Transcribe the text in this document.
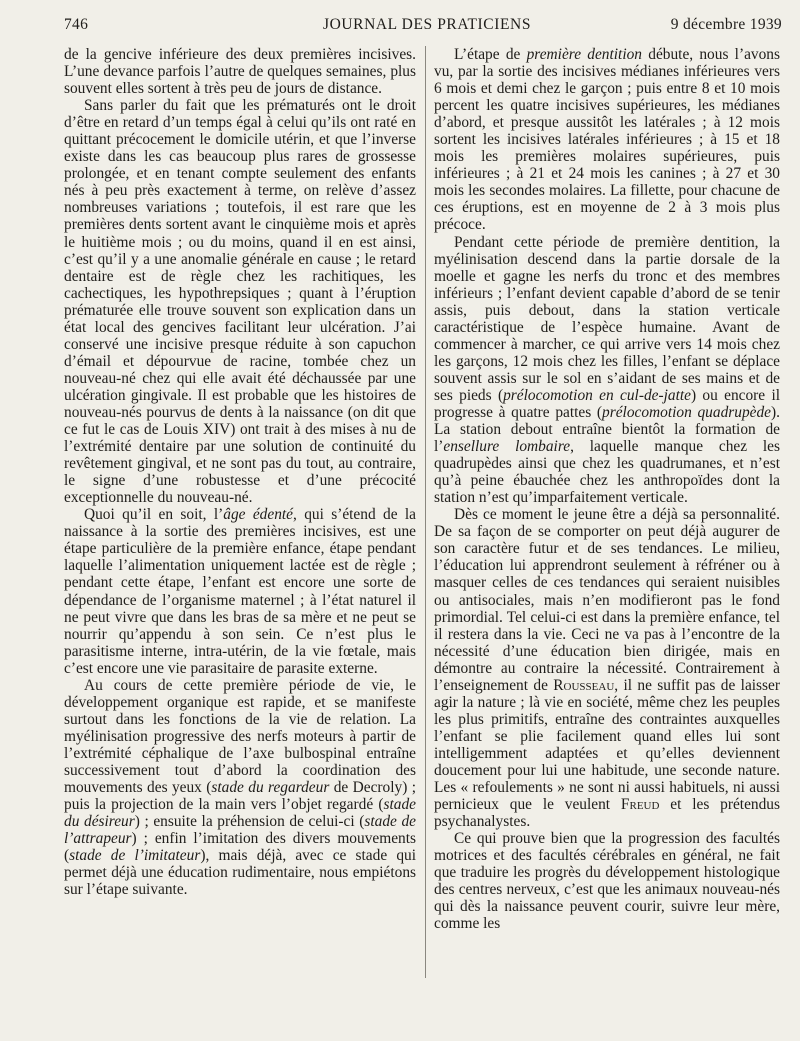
746	JOURNAL DES PRATICIENS	9 décembre 1939

de la gencive inférieure des deux premières incisives. L’une devance parfois l’autre de quelques semaines, plus souvent elles sortent à très peu de jours de distance.

Sans parler du fait que les prématurés ont le droit d’être en retard d’un temps égal à celui qu’ils ont raté en quittant précocement le domicile utérin, et que l’inverse existe dans les cas beaucoup plus rares de grossesse prolongée, et en tenant compte seulement des enfants nés à peu près exactement à terme, on relève d’assez nombreuses variations ; toutefois, il est rare que les premières dents sortent avant le cinquième mois et après le huitième mois ; ou du moins, quand il en est ainsi, c’est qu’il y a une anomalie générale en cause ; le retard dentaire est de règle chez les rachitiques, les cachectiques, les hypothrepsiques ; quant à l’éruption prématurée elle trouve souvent son explication dans un état local des gencives facilitant leur ulcération. J’ai conservé une incisive presque réduite à son capuchon d’émail et dépourvue de racine, tombée chez un nouveau-né chez qui elle avait été déchaussée par une ulcération gingivale. Il est probable que les histoires de nouveau-nés pourvus de dents à la naissance (on dit que ce fut le cas de Louis XIV) ont trait à des mises à nu de l’extrémité dentaire par une solution de continuité du revêtement gingival, et ne sont pas du tout, au contraire, le signe d’une robustesse et d’une précocité exceptionnelle du nouveau-né.

Quoi qu’il en soit, l’âge édenté, qui s’étend de la naissance à la sortie des premières incisives, est une étape particulière de la première enfance, étape pendant laquelle l’alimentation uniquement lactée est de règle ; pendant cette étape, l’enfant est encore une sorte de dépendance de l’organisme maternel ; à l’état naturel il ne peut vivre que dans les bras de sa mère et ne peut se nourrir qu’appendu à son sein. Ce n’est plus le parasitisme interne, intra-utérin, de la vie fœtale, mais c’est encore une vie parasitaire de parasite externe.

Au cours de cette première période de vie, le développement organique est rapide, et se manifeste surtout dans les fonctions de la vie de relation. La myélinisation progressive des nerfs moteurs à partir de l’extrémité céphalique de l’axe bulbospinal entraîne successivement tout d’abord la coordination des mouvements des yeux (stade du regardeur de Decroly) ; puis la projection de la main vers l’objet regardé (stade du désireur) ; ensuite la préhension de celui-ci (stade de l’attrapeur) ; enfin l’imitation des divers mouvements (stade de l’imitateur), mais déjà, avec ce stade qui permet déjà une éducation rudimentaire, nous empiétons sur l’étape suivante.

L’étape de première dentition débute, nous l’avons vu, par la sortie des incisives médianes inférieures vers 6 mois et demi chez le garçon ; puis entre 8 et 10 mois percent les quatre incisives supérieures, les médianes d’abord, et presque aussitôt les latérales ; à 12 mois sortent les incisives latérales inférieures ; à 15 et 18 mois les premières molaires supérieures, puis inférieures ; à 21 et 24 mois les canines ; à 27 et 30 mois les secondes molaires. La fillette, pour chacune de ces éruptions, est en moyenne de 2 à 3 mois plus précoce.

Pendant cette période de première dentition, la myélinisation descend dans la partie dorsale de la moelle et gagne les nerfs du tronc et des membres inférieurs ; l’enfant devient capable d’abord de se tenir assis, puis debout, dans la station verticale caractéristique de l’espèce humaine. Avant de commencer à marcher, ce qui arrive vers 14 mois chez les garçons, 12 mois chez les filles, l’enfant se déplace souvent assis sur le sol en s’aidant de ses mains et de ses pieds (prélocomotion en cul-de-jatte) ou encore il progresse à quatre pattes (prélocomotion quadrupède). La station debout entraîne bientôt la formation de l’ensellure lombaire, laquelle manque chez les quadrupèdes ainsi que chez les quadrumanes, et n’est qu’à peine ébauchée chez les anthropoïdes dont la station n’est qu’imparfaitement verticale.

Dès ce moment le jeune être a déjà sa personnalité. De sa façon de se comporter on peut déjà augurer de son caractère futur et de ses tendances. Le milieu, l’éducation lui apprendront seulement à réfréner ou à masquer celles de ces tendances qui seraient nuisibles ou antisociales, mais n’en modifieront pas le fond primordial. Tel celui-ci est dans la première enfance, tel il restera dans la vie. Ceci ne va pas à l’encontre de la nécessité d’une éducation bien dirigée, mais en démontre au contraire la nécessité. Contrairement à l’enseignement de Rousseau, il ne suffit pas de laisser agir la nature ; là vie en société, même chez les peuples les plus primitifs, entraîne des contraintes auxquelles l’enfant se plie facilement quand elles lui sont intelligemment adaptées et qu’elles deviennent doucement pour lui une habitude, une seconde nature. Les « refoulements » ne sont ni aussi habituels, ni aussi pernicieux que le veulent Freud et les prétendus psychanalystes.

Ce qui prouve bien que la progression des facultés motrices et des facultés cérébrales en général, ne fait que traduire les progrès du développement histologique des centres nerveux, c’est que les animaux nouveau-nés qui dès la naissance peuvent courir, suivre leur mère, comme les
